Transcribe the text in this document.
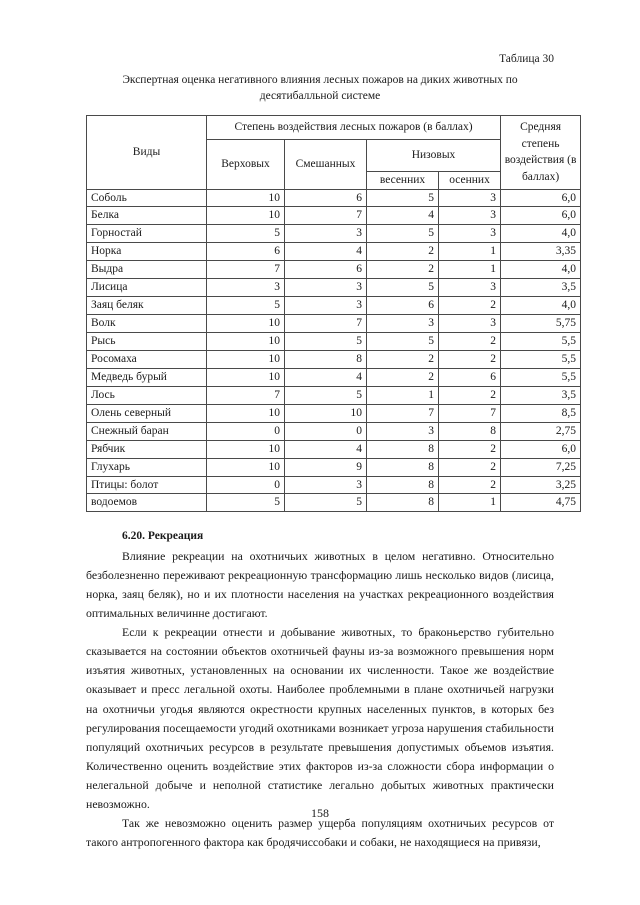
Таблица 30
Экспертная оценка негативного влияния лесных пожаров на диких животных по десятибалльной системе
Виды	Степень воздействия лесных пожаров (в баллах)				Средняя степень воздействия (в баллах)
	Верховых	Смешанных	Низовых		
			весенних	осенних	
Соболь	10	6	5	3	6,0
Белка	10	7	4	3	6,0
Горностай	5	3	5	3	4,0
Норка	6	4	2	1	3,35
Выдра	7	6	2	1	4,0
Лисица	3	3	5	3	3,5
Заяц беляк	5	3	6	2	4,0
Волк	10	7	3	3	5,75
Рысь	10	5	5	2	5,5
Росомаха	10	8	2	2	5,5
Медведь бурый	10	4	2	6	5,5
Лось	7	5	1	2	3,5
Олень северный	10	10	7	7	8,5
Снежный баран	0	0	3	8	2,75
Рябчик	10	4	8	2	6,0
Глухарь	10	9	8	2	7,25
Птицы: болот	0	3	8	2	3,25
водоемов	5	5	8	1	4,75
6.20. Рекреация

Влияние рекреации на охотничьих животных в целом негативно. Относительно безболезненно переживают рекреационную трансформацию лишь несколько видов (лисица, норка, заяц беляк), но и их плотности населения на участках рекреационного воздействия оптимальных величинне достигают.

Если к рекреации отнести и добывание животных, то браконьерство губительно сказывается на состоянии объектов охотничьей фауны из-за возможного превышения норм изъятия животных, установленных на основании их численности. Такое же воздействие оказывает и пресс легальной охоты. Наиболее проблемными в плане охотничьей нагрузки на охотничьи угодья являются окрестности крупных населенных пунктов, в которых без регулирования посещаемости угодий охотниками возникает угроза нарушения стабильности популяций охотничьих ресурсов в результате превышения допустимых объемов изъятия. Количественно оценить воздействие этих факторов из-за сложности сбора информации о нелегальной добыче и неполной статистике легально добытых животных практически невозможно.

Так же невозможно оценить размер ущерба популяциям охотничьих ресурсов от такого антропогенного фактора как бродячиссобаки и собаки, не находящиеся на привязи,

158
